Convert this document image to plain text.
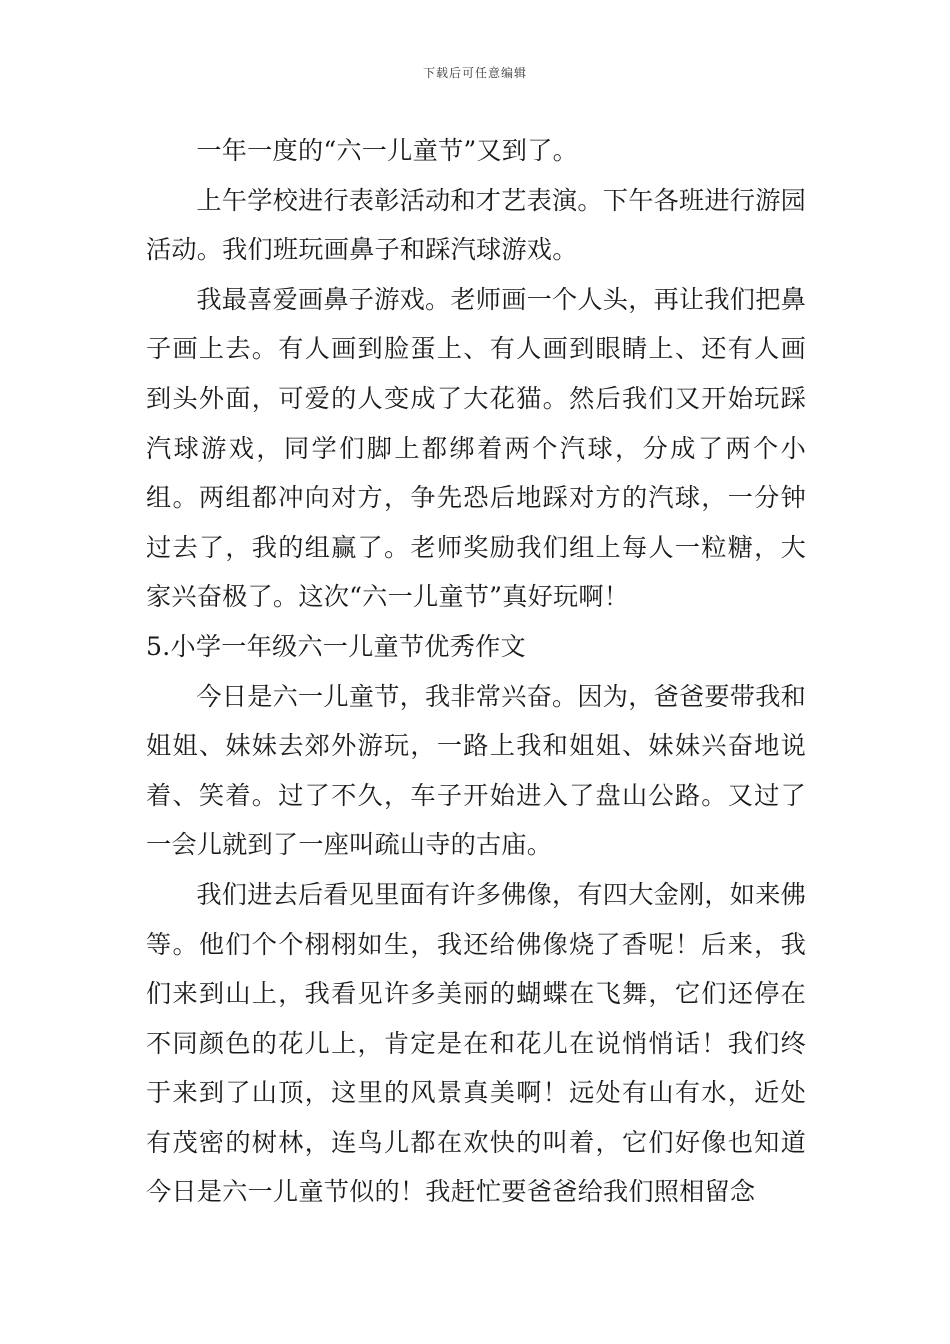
下载后可任意编辑

一年一度的“六一儿童节”又到了。

上午学校进行表彰活动和才艺表演。下午各班进行游园活动。我们班玩画鼻子和踩汽球游戏。

我最喜爱画鼻子游戏。老师画一个人头，再让我们把鼻子画上去。有人画到脸蛋上、有人画到眼睛上、还有人画到头外面，可爱的人变成了大花猫。然后我们又开始玩踩汽球游戏，同学们脚上都绑着两个汽球，分成了两个小组。两组都冲向对方，争先恐后地踩对方的汽球，一分钟过去了，我的组赢了。老师奖励我们组上每人一粒糖，大家兴奋极了。这次“六一儿童节”真好玩啊！

5.小学一年级六一儿童节优秀作文

今日是六一儿童节，我非常兴奋。因为，爸爸要带我和姐姐、妹妹去郊外游玩，一路上我和姐姐、妹妹兴奋地说着、笑着。过了不久，车子开始进入了盘山公路。又过了一会儿就到了一座叫疏山寺的古庙。

我们进去后看见里面有许多佛像，有四大金刚，如来佛等。他们个个栩栩如生，我还给佛像烧了香呢！后来，我们来到山上，我看见许多美丽的蝴蝶在飞舞，它们还停在不同颜色的花儿上，肯定是在和花儿在说悄悄话！我们终于来到了山顶，这里的风景真美啊！远处有山有水，近处有茂密的树林，连鸟儿都在欢快的叫着，它们好像也知道今日是六一儿童节似的！我赶忙要爸爸给我们照相留念
